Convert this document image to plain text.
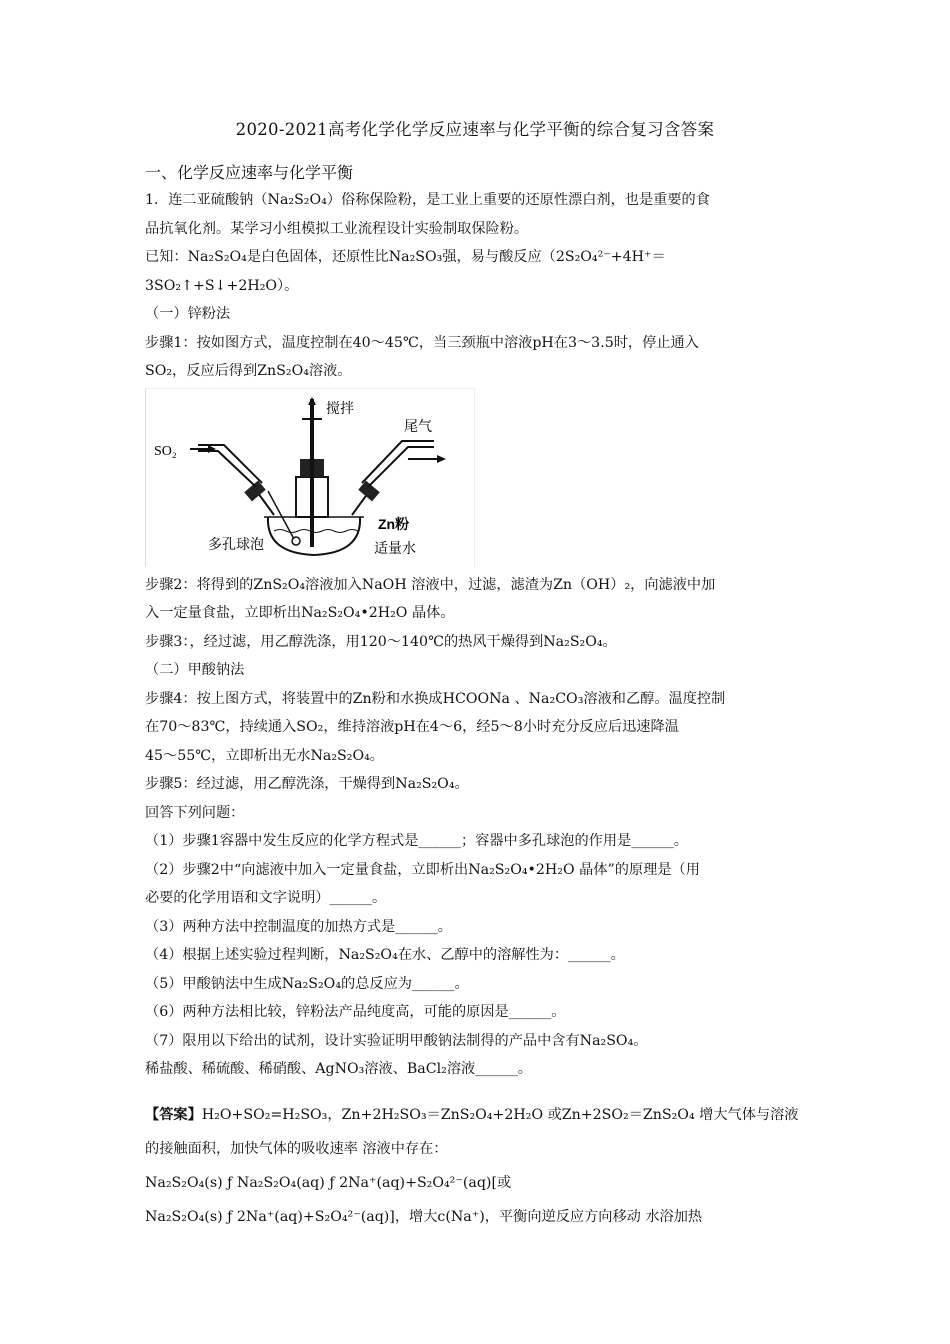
2020-2021高考化学化学反应速率与化学平衡的综合复习含答案
一、化学反应速率与化学平衡

1．连二亚硫酸钠（Na₂S₂O₄）俗称保险粉，是工业上重要的还原性漂白剂，也是重要的食

品抗氧化剂。某学习小组模拟工业流程设计实验制取保险粉。

已知：Na₂S₂O₄是白色固体，还原性比Na₂SO₃强，易与酸反应（2S₂O₄²⁻+4H⁺＝

3SO₂↑+S↓+2H₂O）。

（一）锌粉法

步骤1：按如图方式，温度控制在40～45℃，当三颈瓶中溶液pH在3～3.5时，停止通入

SO₂，反应后得到ZnS₂O₄溶液。

SO₂
搅拌
尾气
Zn粉
多孔球泡	适量水

步骤2：将得到的ZnS₂O₄溶液加入NaOH 溶液中，过滤，滤渣为Zn（OH）₂，向滤液中加

入一定量食盐，立即析出Na₂S₂O₄•2H₂O 晶体。

步骤3：，经过滤，用乙醇洗涤，用120～140℃的热风干燥得到Na₂S₂O₄。

（二）甲酸钠法

步骤4：按上图方式，将装置中的Zn粉和水换成HCOONa 、Na₂CO₃溶液和乙醇。温度控制

在70～83℃，持续通入SO₂，维持溶液pH在4～6，经5～8小时充分反应后迅速降温

45～55℃，立即析出无水Na₂S₂O₄。

步骤5：经过滤，用乙醇洗涤，干燥得到Na₂S₂O₄。

回答下列问题：

（1）步骤1容器中发生反应的化学方程式是______；容器中多孔球泡的作用是______。

（2）步骤2中“向滤液中加入一定量食盐，立即析出Na₂S₂O₄•2H₂O 晶体”的原理是（用

必要的化学用语和文字说明）______。

（3）两种方法中控制温度的加热方式是______。

（4）根据上述实验过程判断，Na₂S₂O₄在水、乙醇中的溶解性为：______。

（5）甲酸钠法中生成Na₂S₂O₄的总反应为______。

（6）两种方法相比较，锌粉法产品纯度高，可能的原因是______。

（7）限用以下给出的试剂，设计实验证明甲酸钠法制得的产品中含有Na₂SO₄。

稀盐酸、稀硫酸、稀硝酸、AgNO₃溶液、BaCl₂溶液______。

【答案】H₂O+SO₂=H₂SO₃，Zn+2H₂SO₃＝ZnS₂O₄+2H₂O 或Zn+2SO₂＝ZnS₂O₄ 增大气体与溶液

的接触面积，加快气体的吸收速率 溶液中存在：

Na₂S₂O₄(s) ƒ Na₂S₂O₄(aq) ƒ 2Na⁺(aq)+S₂O₄²⁻(aq)[或

Na₂S₂O₄(s) ƒ 2Na⁺(aq)+S₂O₄²⁻(aq)]，增大c(Na⁺)，平衡向逆反应方向移动 水浴加热
